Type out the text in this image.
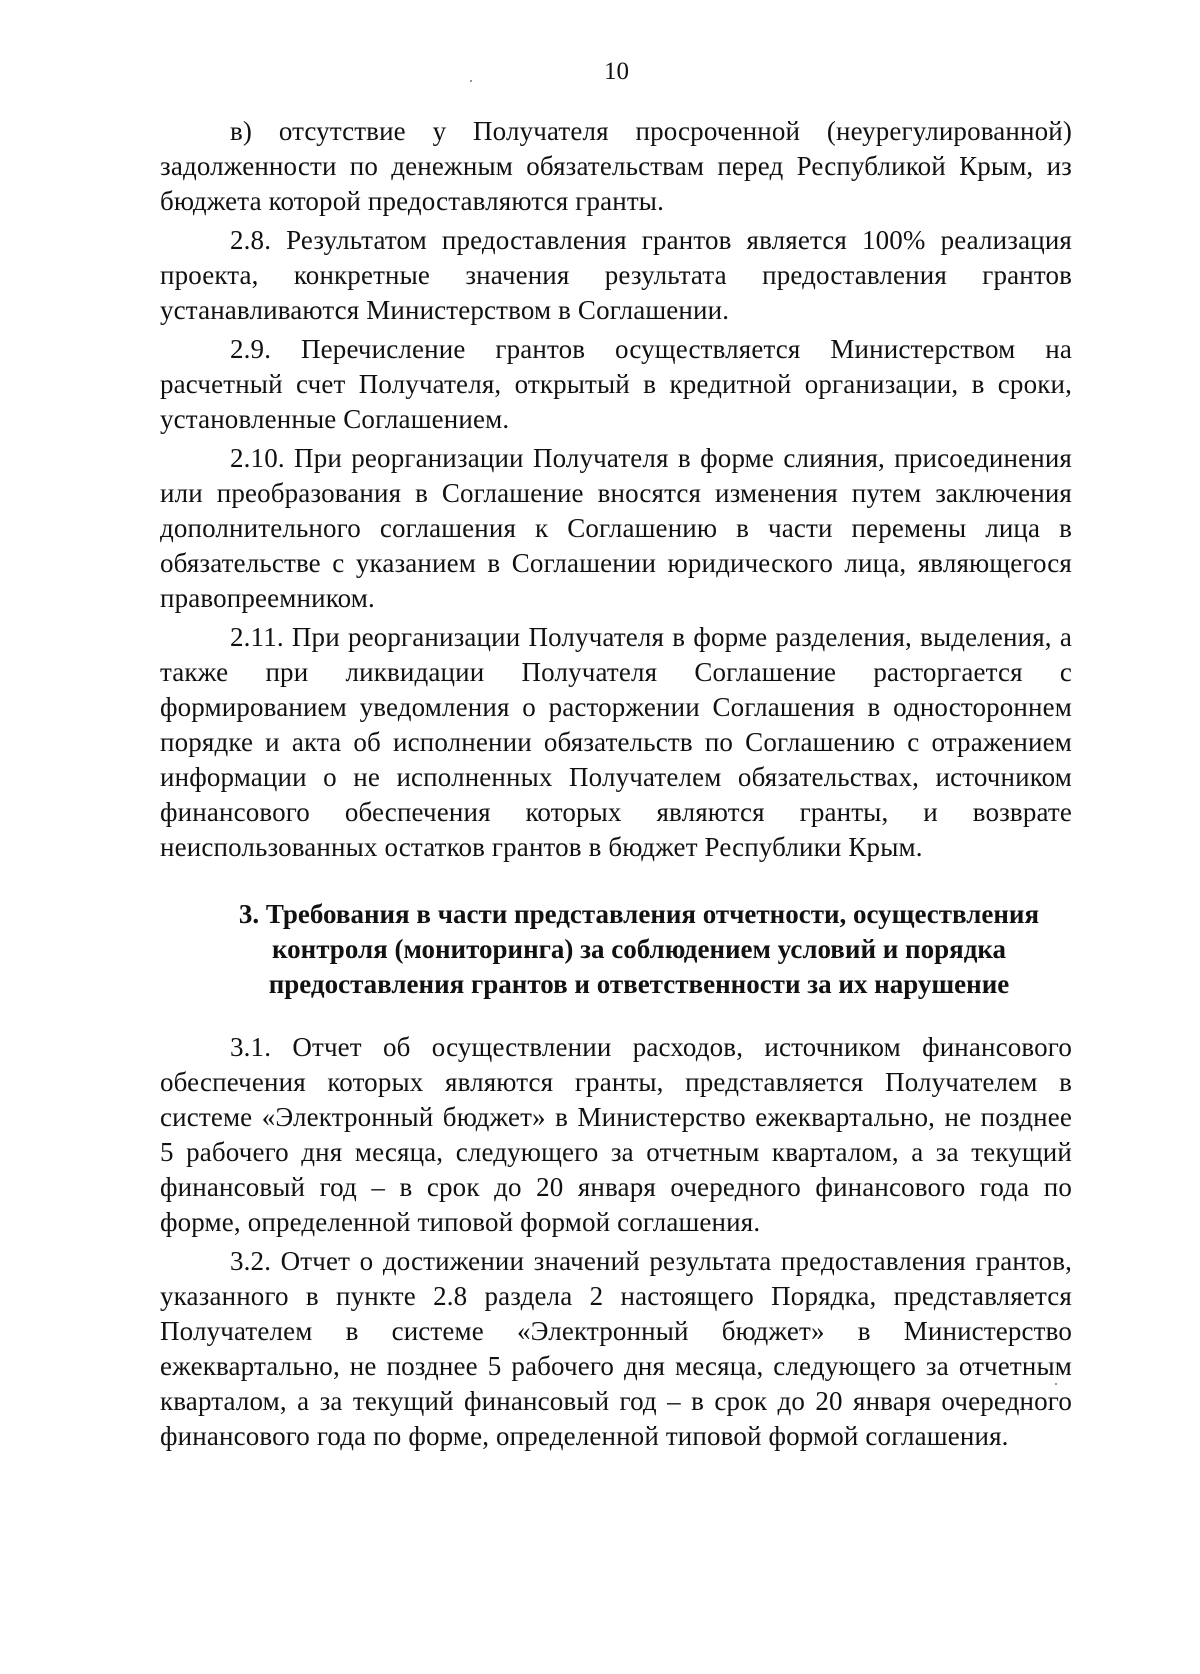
10

в) отсутствие у Получателя просроченной (неурегулированной) задолженности по денежным обязательствам перед Республикой Крым, из бюджета которой предоставляются гранты.

2.8. Результатом предоставления грантов является 100% реализация проекта, конкретные значения результата предоставления грантов устанавливаются Министерством в Соглашении.

2.9. Перечисление грантов осуществляется Министерством на расчетный счет Получателя, открытый в кредитной организации, в сроки, установленные Соглашением.

2.10. При реорганизации Получателя в форме слияния, присоединения или преобразования в Соглашение вносятся изменения путем заключения дополнительного соглашения к Соглашению в части перемены лица в обязательстве с указанием в Соглашении юридического лица, являющегося правопреемником.

2.11. При реорганизации Получателя в форме разделения, выделения, а также при ликвидации Получателя Соглашение расторгается с формированием уведомления о расторжении Соглашения в одностороннем порядке и акта об исполнении обязательств по Соглашению с отражением информации о не исполненных Получателем обязательствах, источником финансового обеспечения которых являются гранты, и возврате неиспользованных остатков грантов в бюджет Республики Крым.

3. Требования в части представления отчетности, осуществления
контроля (мониторинга) за соблюдением условий и порядка
предоставления грантов и ответственности за их нарушение

3.1. Отчет об осуществлении расходов, источником финансового обеспечения которых являются гранты, представляется Получателем в системе «Электронный бюджет» в Министерство ежеквартально, не позднее 5 рабочего дня месяца, следующего за отчетным кварталом, а за текущий финансовый год – в срок до 20 января очередного финансового года по форме, определенной типовой формой соглашения.

3.2. Отчет о достижении значений результата предоставления грантов, указанного в пункте 2.8 раздела 2 настоящего Порядка, представляется Получателем в системе «Электронный бюджет» в Министерство ежеквартально, не позднее 5 рабочего дня месяца, следующего за отчетным кварталом, а за текущий финансовый год – в срок до 20 января очередного финансового года по форме, определенной типовой формой соглашения.
